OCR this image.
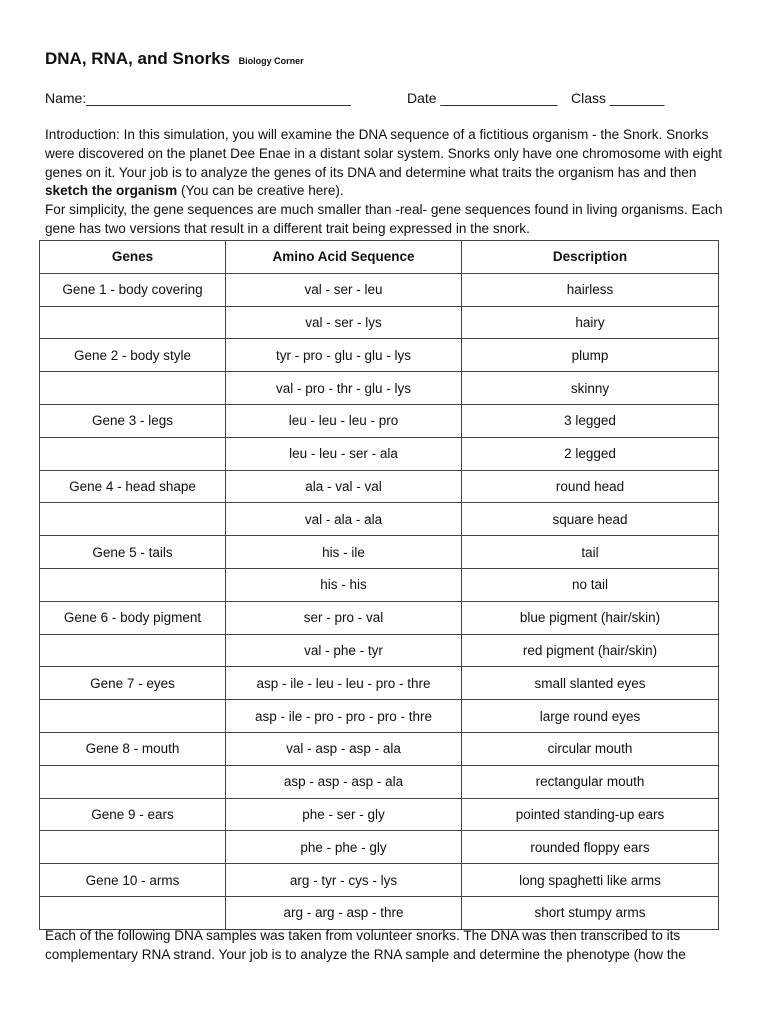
DNA, RNA, and Snorks Biology Corner
Name:__________________________________	Date _______________ Class _______

Introduction: In this simulation, you will examine the DNA sequence of a fictitious organism - the Snork. Snorks were discovered on the planet Dee Enae in a distant solar system. Snorks only have one chromosome with eight genes on it. Your job is to analyze the genes of its DNA and determine what traits the organism has and then sketch the organism (You can be creative here).

For simplicity, the gene sequences are much smaller than -real- gene sequences found in living organisms. Each gene has two versions that result in a different trait being expressed in the snork.

Genes	Amino Acid Sequence	Description
Gene 1 - body covering	val - ser - leu	hairless
	val - ser - lys	hairy
Gene 2 - body style	tyr - pro - glu - glu - lys	plump
	val - pro - thr - glu - lys	skinny
Gene 3 - legs	leu - leu - leu - pro	3 legged
	leu - leu - ser - ala	2 legged
Gene 4 - head shape	ala - val - val	round head
	val - ala - ala	square head
Gene 5 - tails	his - ile	tail
	his - his	no tail
Gene 6 - body pigment	ser - pro - val	blue pigment (hair/skin)
	val - phe - tyr	red pigment (hair/skin)
Gene 7 - eyes	asp - ile - leu - leu - pro - thre	small slanted eyes
	asp - ile - pro - pro - pro - thre	large round eyes
Gene 8 - mouth	val - asp - asp - ala	circular mouth
	asp - asp - asp - ala	rectangular mouth
Gene 9 - ears	phe - ser - gly	pointed standing-up ears
	phe - phe - gly	rounded floppy ears
Gene 10 - arms	arg - tyr - cys - lys	long spaghetti like arms
	arg - arg - asp - thre	short stumpy arms
Each of the following DNA samples was taken from volunteer snorks. The DNA was then transcribed to its complementary RNA strand. Your job is to analyze the RNA sample and determine the phenotype (how the
